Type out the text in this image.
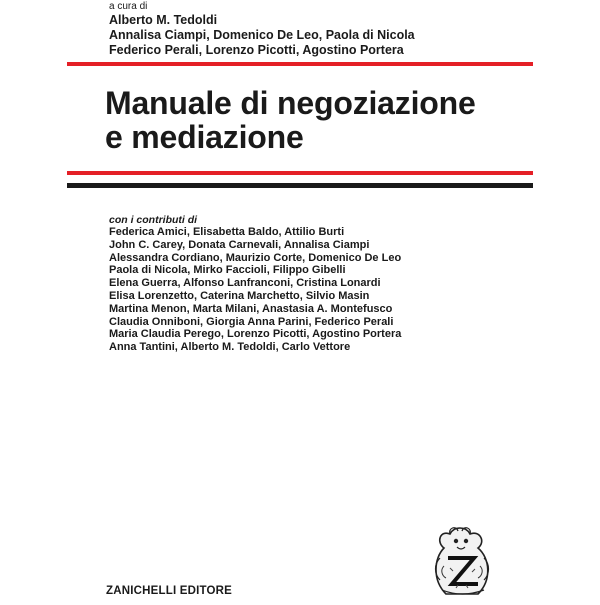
a cura di
Alberto M. Tedoldi
Annalisa Ciampi, Domenico De Leo, Paola di Nicola
Federico Perali, Lorenzo Picotti, Agostino Portera
Manuale di negoziazione
e mediazione
con i contributi di
Federica Amici, Elisabetta Baldo, Attilio Burti
John C. Carey, Donata Carnevali, Annalisa Ciampi
Alessandra Cordiano, Maurizio Corte, Domenico De Leo
Paola di Nicola, Mirko Faccioli, Filippo Gibelli
Elena Guerra, Alfonso Lanfranconi, Cristina Lonardi
Elisa Lorenzetto, Caterina Marchetto, Silvio Masin
Martina Menon, Marta Milani, Anastasia A. Montefusco
Claudia Onniboni, Giorgia Anna Parini, Federico Perali
Maria Claudia Perego, Lorenzo Picotti, Agostino Portera
Anna Tantini, Alberto M. Tedoldi, Carlo Vettore
ZANICHELLI EDITORE
